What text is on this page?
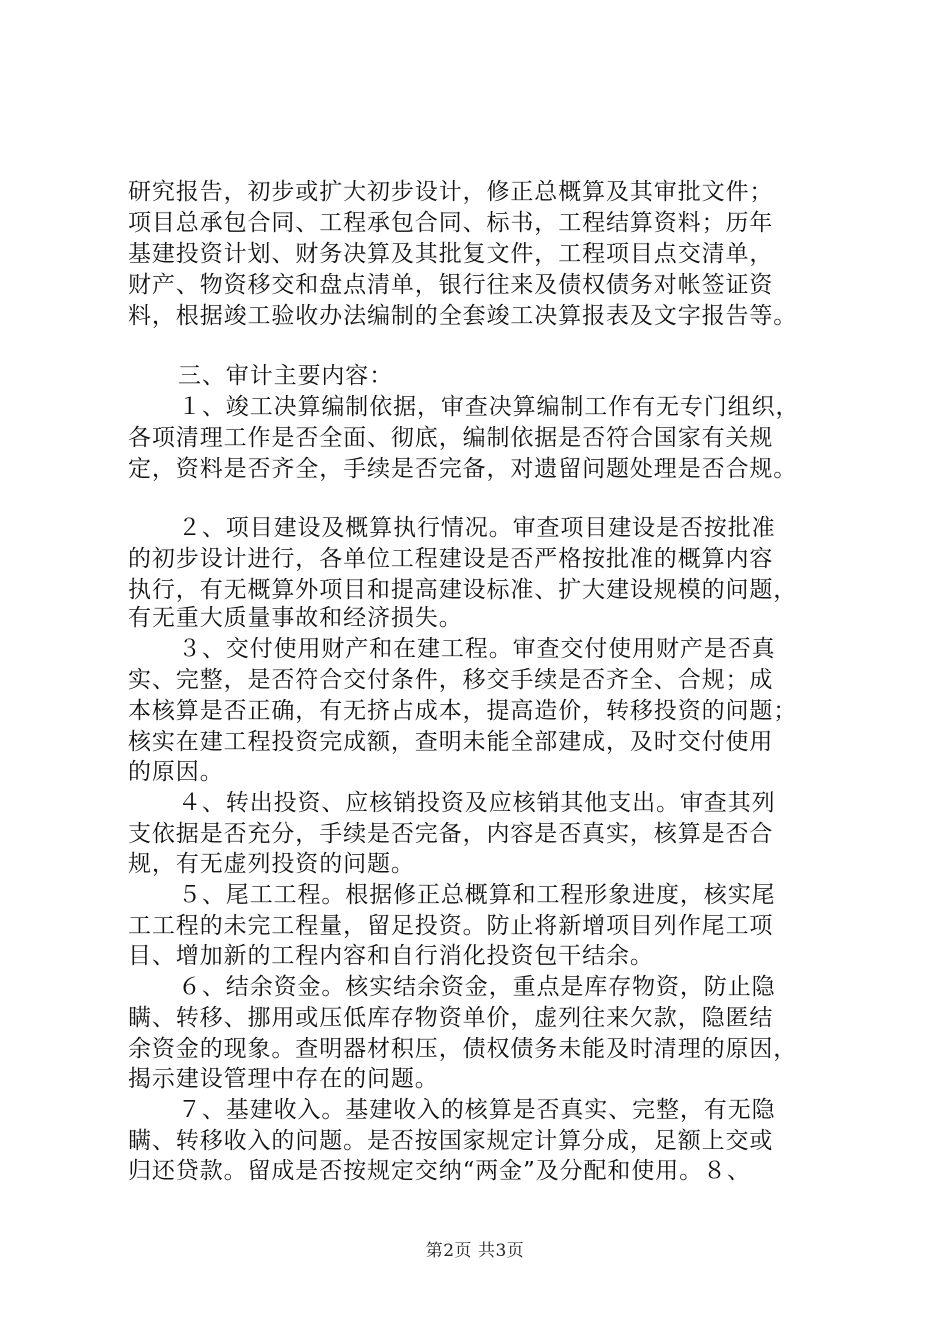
研究报告，初步或扩大初步设计，修正总概算及其审批文件；
项目总承包合同、工程承包合同、标书，工程结算资料；历年
基建投资计划、财务决算及其批复文件，工程项目点交清单，
财产、物资移交和盘点清单，银行往来及债权债务对帐签证资
料，根据竣工验收办法编制的全套竣工决算报表及文字报告等。
三、审计主要内容：
１、竣工决算编制依据，审查决算编制工作有无专门组织，
各项清理工作是否全面、彻底，编制依据是否符合国家有关规
定，资料是否齐全，手续是否完备，对遗留问题处理是否合规。
２、项目建设及概算执行情况。审查项目建设是否按批准
的初步设计进行，各单位工程建设是否严格按批准的概算内容
执行，有无概算外项目和提高建设标准、扩大建设规模的问题，
有无重大质量事故和经济损失。
３、交付使用财产和在建工程。审查交付使用财产是否真
实、完整，是否符合交付条件，移交手续是否齐全、合规；成
本核算是否正确，有无挤占成本，提高造价，转移投资的问题；
核实在建工程投资完成额，查明未能全部建成，及时交付使用
的原因。
４、转出投资、应核销投资及应核销其他支出。审查其列
支依据是否充分，手续是否完备，内容是否真实，核算是否合
规，有无虚列投资的问题。
５、尾工工程。根据修正总概算和工程形象进度，核实尾
工工程的未完工程量，留足投资。防止将新增项目列作尾工项
目、增加新的工程内容和自行消化投资包干结余。
６、结余资金。核实结余资金，重点是库存物资，防止隐
瞒、转移、挪用或压低库存物资单价，虚列往来欠款，隐匿结
余资金的现象。查明器材积压，债权债务未能及时清理的原因，
揭示建设管理中存在的问题。
７、基建收入。基建收入的核算是否真实、完整，有无隐
瞒、转移收入的问题。是否按国家规定计算分成，足额上交或
归还贷款。留成是否按规定交纳“两金”及分配和使用。８、
第2页 共3页
